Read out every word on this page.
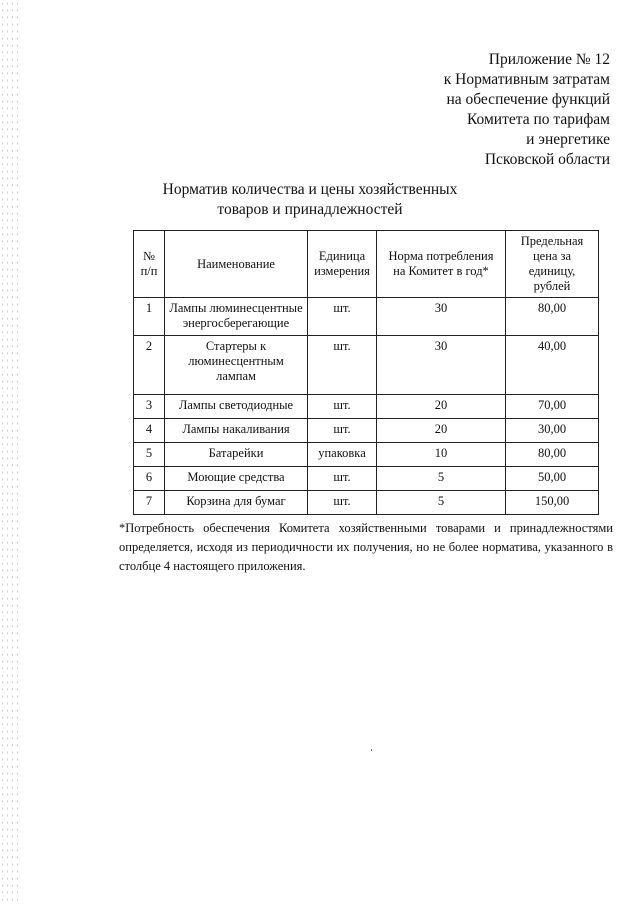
Приложение № 12
к Нормативным затратам
на обеспечение функций
Комитета по тарифам
и энергетике
Псковской области
Норматив количества и цены хозяйственных
товаров и принадлежностей
№ п/п	Наименование	Единица измерения	Норма потребления на Комитет в год*	Предельная цена за единицу, рублей
1	Лампы люминесцентные энергосберегающие	шт.	30	80,00
2	Стартеры к люминесцентным лампам	шт.	30	40,00
3	Лампы светодиодные	шт.	20	70,00
4	Лампы накаливания	шт.	20	30,00
5	Батарейки	упаковка	10	80,00
6	Моющие средства	шт.	5	50,00
7	Корзина для бумаг	шт.	5	150,00
*Потребность обеспечения Комитета хозяйственными товарами и принадлежностями определяется, исходя из периодичности их получения, но не более норматива, указанного в столбце 4 настоящего приложения.
